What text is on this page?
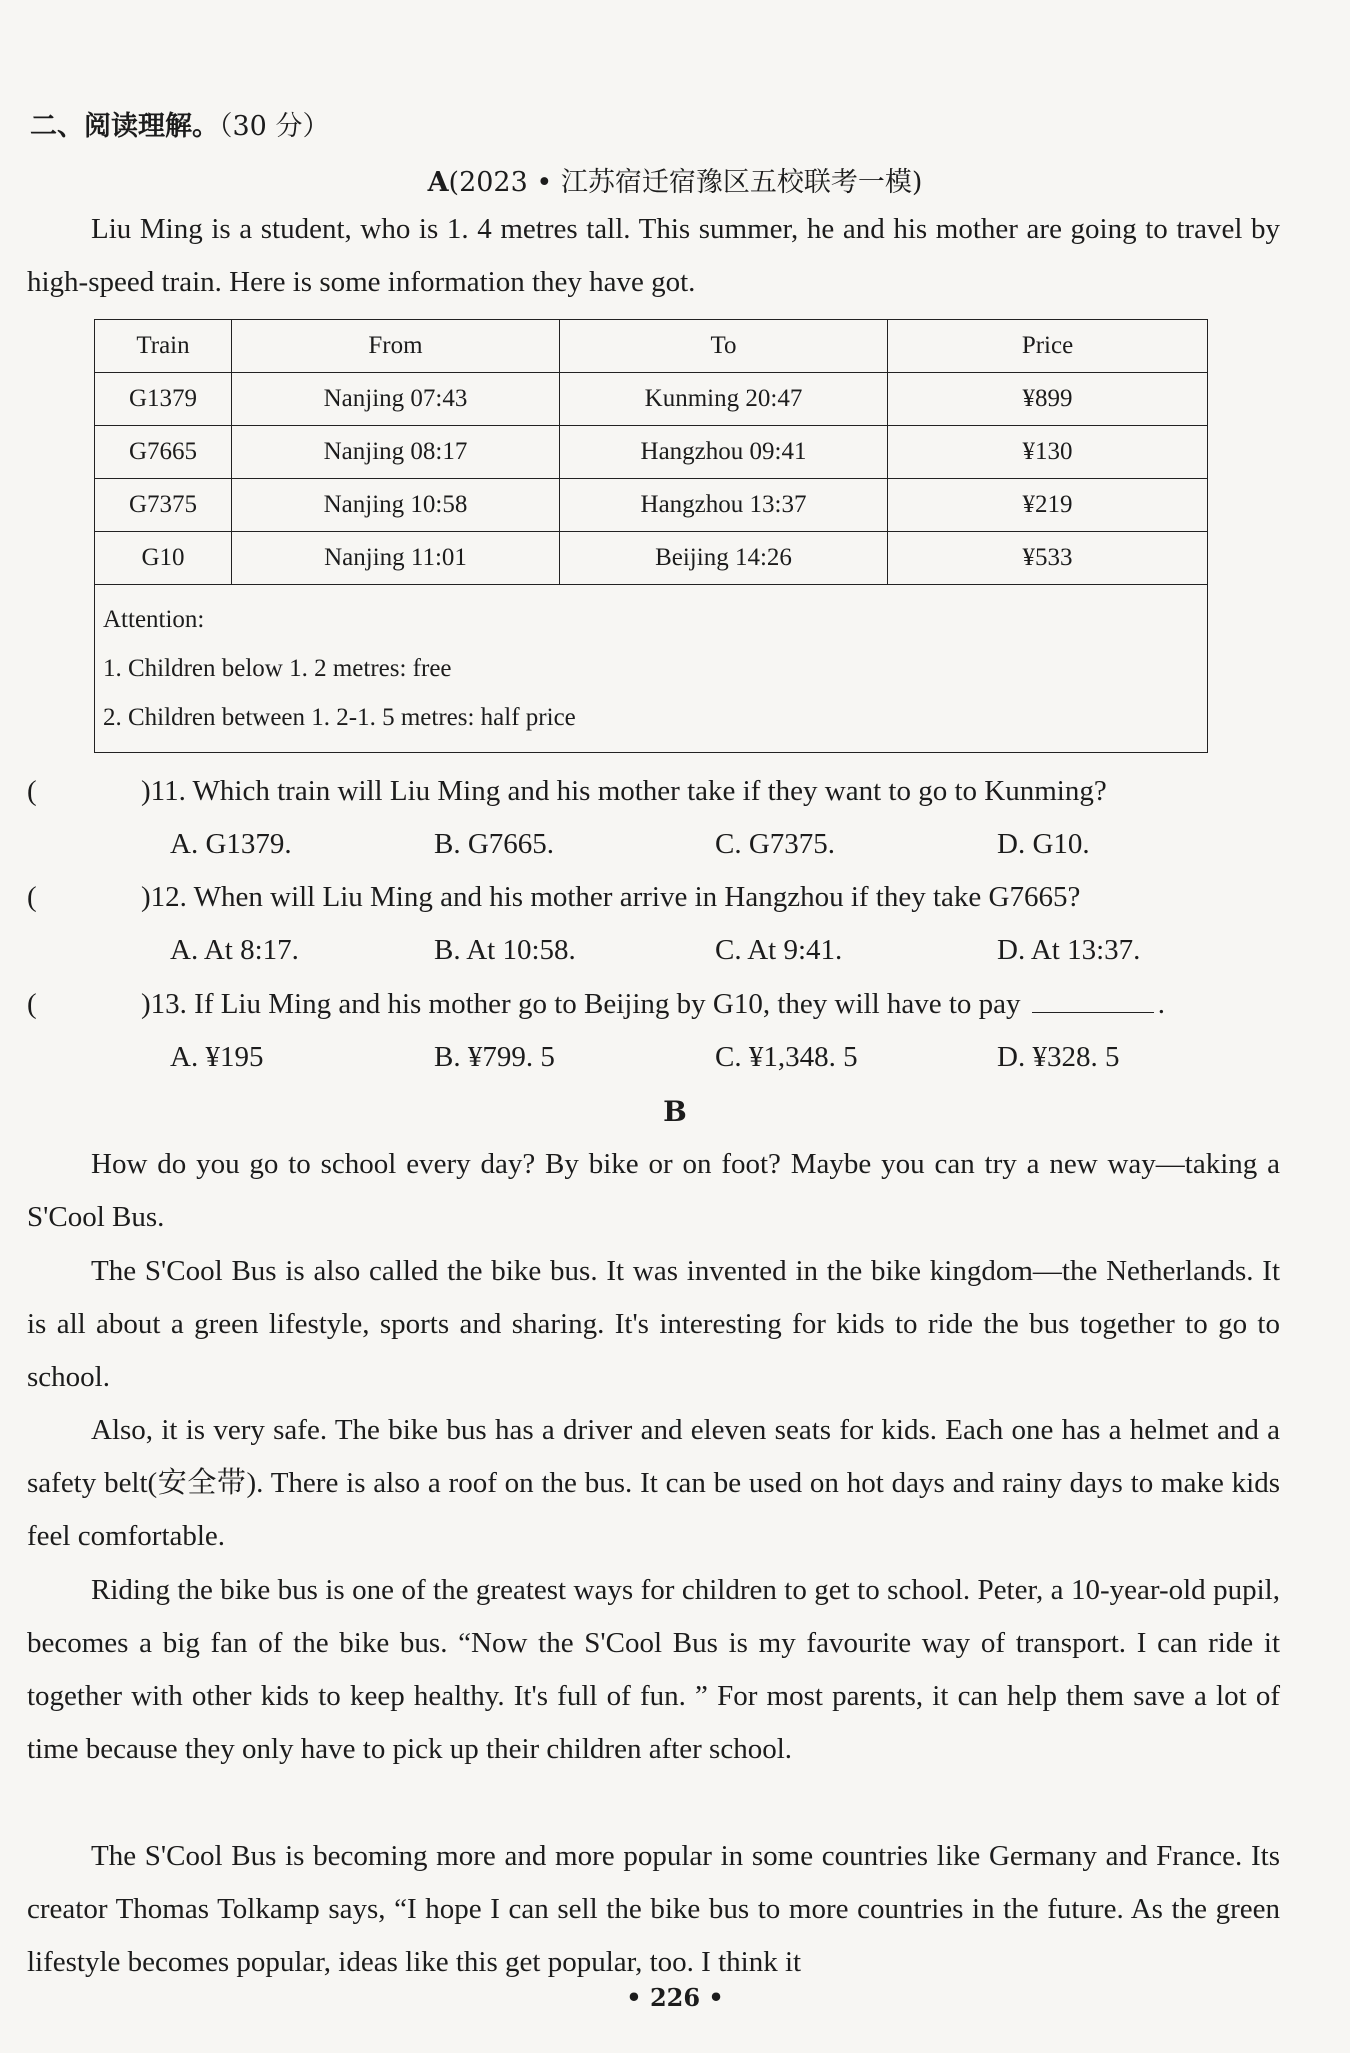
二、阅读理解。（30 分）
A(2023 • 江苏宿迁宿豫区五校联考一模)

Liu Ming is a student, who is 1. 4 metres tall. This summer, he and his mother are going to travel by high-speed train. Here is some information they have got.

Train	From	To	Price
G1379	Nanjing 07:43	Kunming 20:47	¥899
G7665	Nanjing 08:17	Hangzhou 09:41	¥130
G7375	Nanjing 10:58	Hangzhou 13:37	¥219
G10	Nanjing 11:01	Beijing 14:26	¥533

Attention:
1. Children below 1. 2 metres: free
2. Children between 1. 2-1. 5 metres: half price			
(	)11. Which train will Liu Ming and his mother take if they want to go to Kunming?
A. G1379.	B. G7665.	C. G7375.	D. G10.
(	)12. When will Liu Ming and his mother arrive in Hangzhou if they take G7665?
A. At 8:17.	B. At 10:58.	C. At 9:41.	D. At 13:37.
(	)13. If Liu Ming and his mother go to Beijing by G10, they will have to pay	.
A. ¥195	B. ¥799. 5	C. ¥1,348. 5	D. ¥328. 5
B

How do you go to school every day? By bike or on foot? Maybe you can try a new way—taking a S'Cool Bus.

The S'Cool Bus is also called the bike bus. It was invented in the bike kingdom—the Netherlands. It is all about a green lifestyle, sports and sharing. It's interesting for kids to ride the bus together to go to school.

Also, it is very safe. The bike bus has a driver and eleven seats for kids. Each one has a helmet and a safety belt(安全带). There is also a roof on the bus. It can be used on hot days and rainy days to make kids feel comfortable.

Riding the bike bus is one of the greatest ways for children to get to school. Peter, a 10-year-old pupil, becomes a big fan of the bike bus. “Now the S'Cool Bus is my favourite way of transport. I can ride it together with other kids to keep healthy. It's full of fun. ” For most parents, it can help them save a lot of time because they only have to pick up their children after school.

The S'Cool Bus is becoming more and more popular in some countries like Germany and France. Its creator Thomas Tolkamp says, “I hope I can sell the bike bus to more countries in the future. As the green lifestyle becomes popular, ideas like this get popular, too. I think it

• 226 •
